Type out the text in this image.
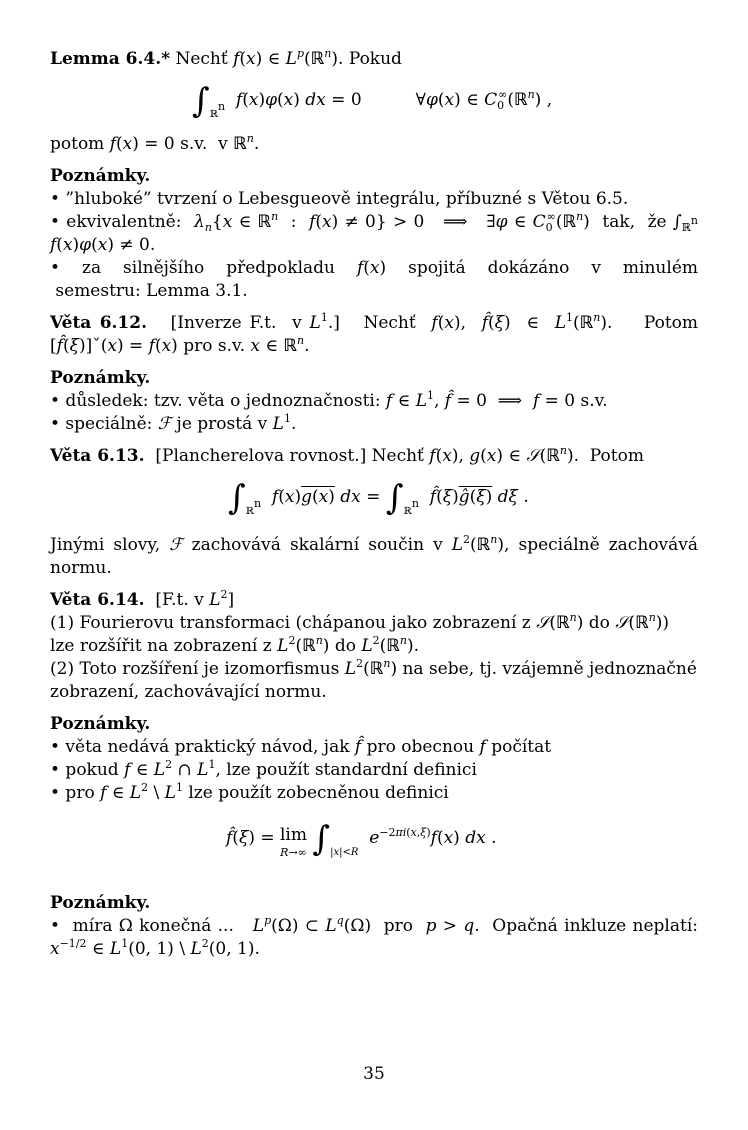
Lemma 6.4.* Nechť f(x) ∈ $L^p(ℝ^n)$. Pokud

$\int_{ℝ^n}$ f(x)φ(x) dx = 0          ∀φ(x) ∈ $C_0^\infty(ℝ^n)$ ,

potom f(x) = 0 s.v.  v ℝ$^n$.

Poznámky.

• ”hluboké” tvrzení o Lebesgueově integrálu, příbuzné s Větou 6.5.

• ekvivalentně:  $\lambda_n\{x$ ∈ ℝ$^n$  :  f(x) ≠ 0} > 0   ⟹   ∃φ ∈ $C_0^\infty(ℝ^n)$  tak,  že $\int_{ℝ^n}$ f(x)φ(x) ≠ 0.

•  za  silnějšího  předpokladu  f(x)  spojitá  dokázáno  v  minulém  semestru: Lemma 3.1.

Věta 6.12.   [Inverze F.t.  v $L^1$.]   Nechť  f(x),  f̂(ξ)  ∈  $L^1(ℝ^n)$.    Potom [f̂(ξ)]ˇ(x) = f(x) pro s.v. x ∈ ℝ$^n$.

Poznámky.

• důsledek: tzv. věta o jednoznačnosti: f ∈ $L^1$, f̂ = 0  ⟹  f = 0 s.v.

• speciálně: ℱ je prostá v $L^1$.

Věta 6.13.  [Plancherelova rovnost.] Nechť f(x), g(x) ∈ 𝒮(ℝ$^n$).  Potom

$\int_{ℝ^n}$ f(x)g(x) dx = $\int_{ℝ^n}$ f̂(ξ)ĝ(ξ) dξ .

Jinými slovy, ℱ zachovává skalární součin v $L^2(ℝ^n)$, speciálně zachovává normu.

Věta 6.14.  [F.t. v $L^2$]

(1) Fourierovu transformaci (chápanou jako zobrazení z 𝒮(ℝ$^n$) do 𝒮(ℝ$^n$)) lze rozšířit na zobrazení z $L^2(ℝ^n)$ do $L^2(ℝ^n)$.

(2) Toto rozšíření je izomorfismus $L^2(ℝ^n)$ na sebe, tj. vzájemně jednoznačné zobrazení, zachovávající normu.

Poznámky.

• věta nedává praktický návod, jak f̂ pro obecnou f počítat

• pokud f ∈ $L^2$ ∩ $L^1$, lze použít standardní definici

• pro f ∈ $L^2$ \ $L^1$ lze použít zobecněnou definici

f̂(ξ) = lim
R→∞ $\int_{|x|<R}$  $e^{-2\pi i(x,\xi)}f(x)$ dx .

Poznámky.

•  míra Ω konečná ...   $L^p(\Omega)$ ⊂ $L^q(\Omega)$  pro  p > q.  Opačná inkluze neplatí: $x^{-1/2}$ ∈ $L^1(0$, 1) \ $L^2(0$, 1).

35
